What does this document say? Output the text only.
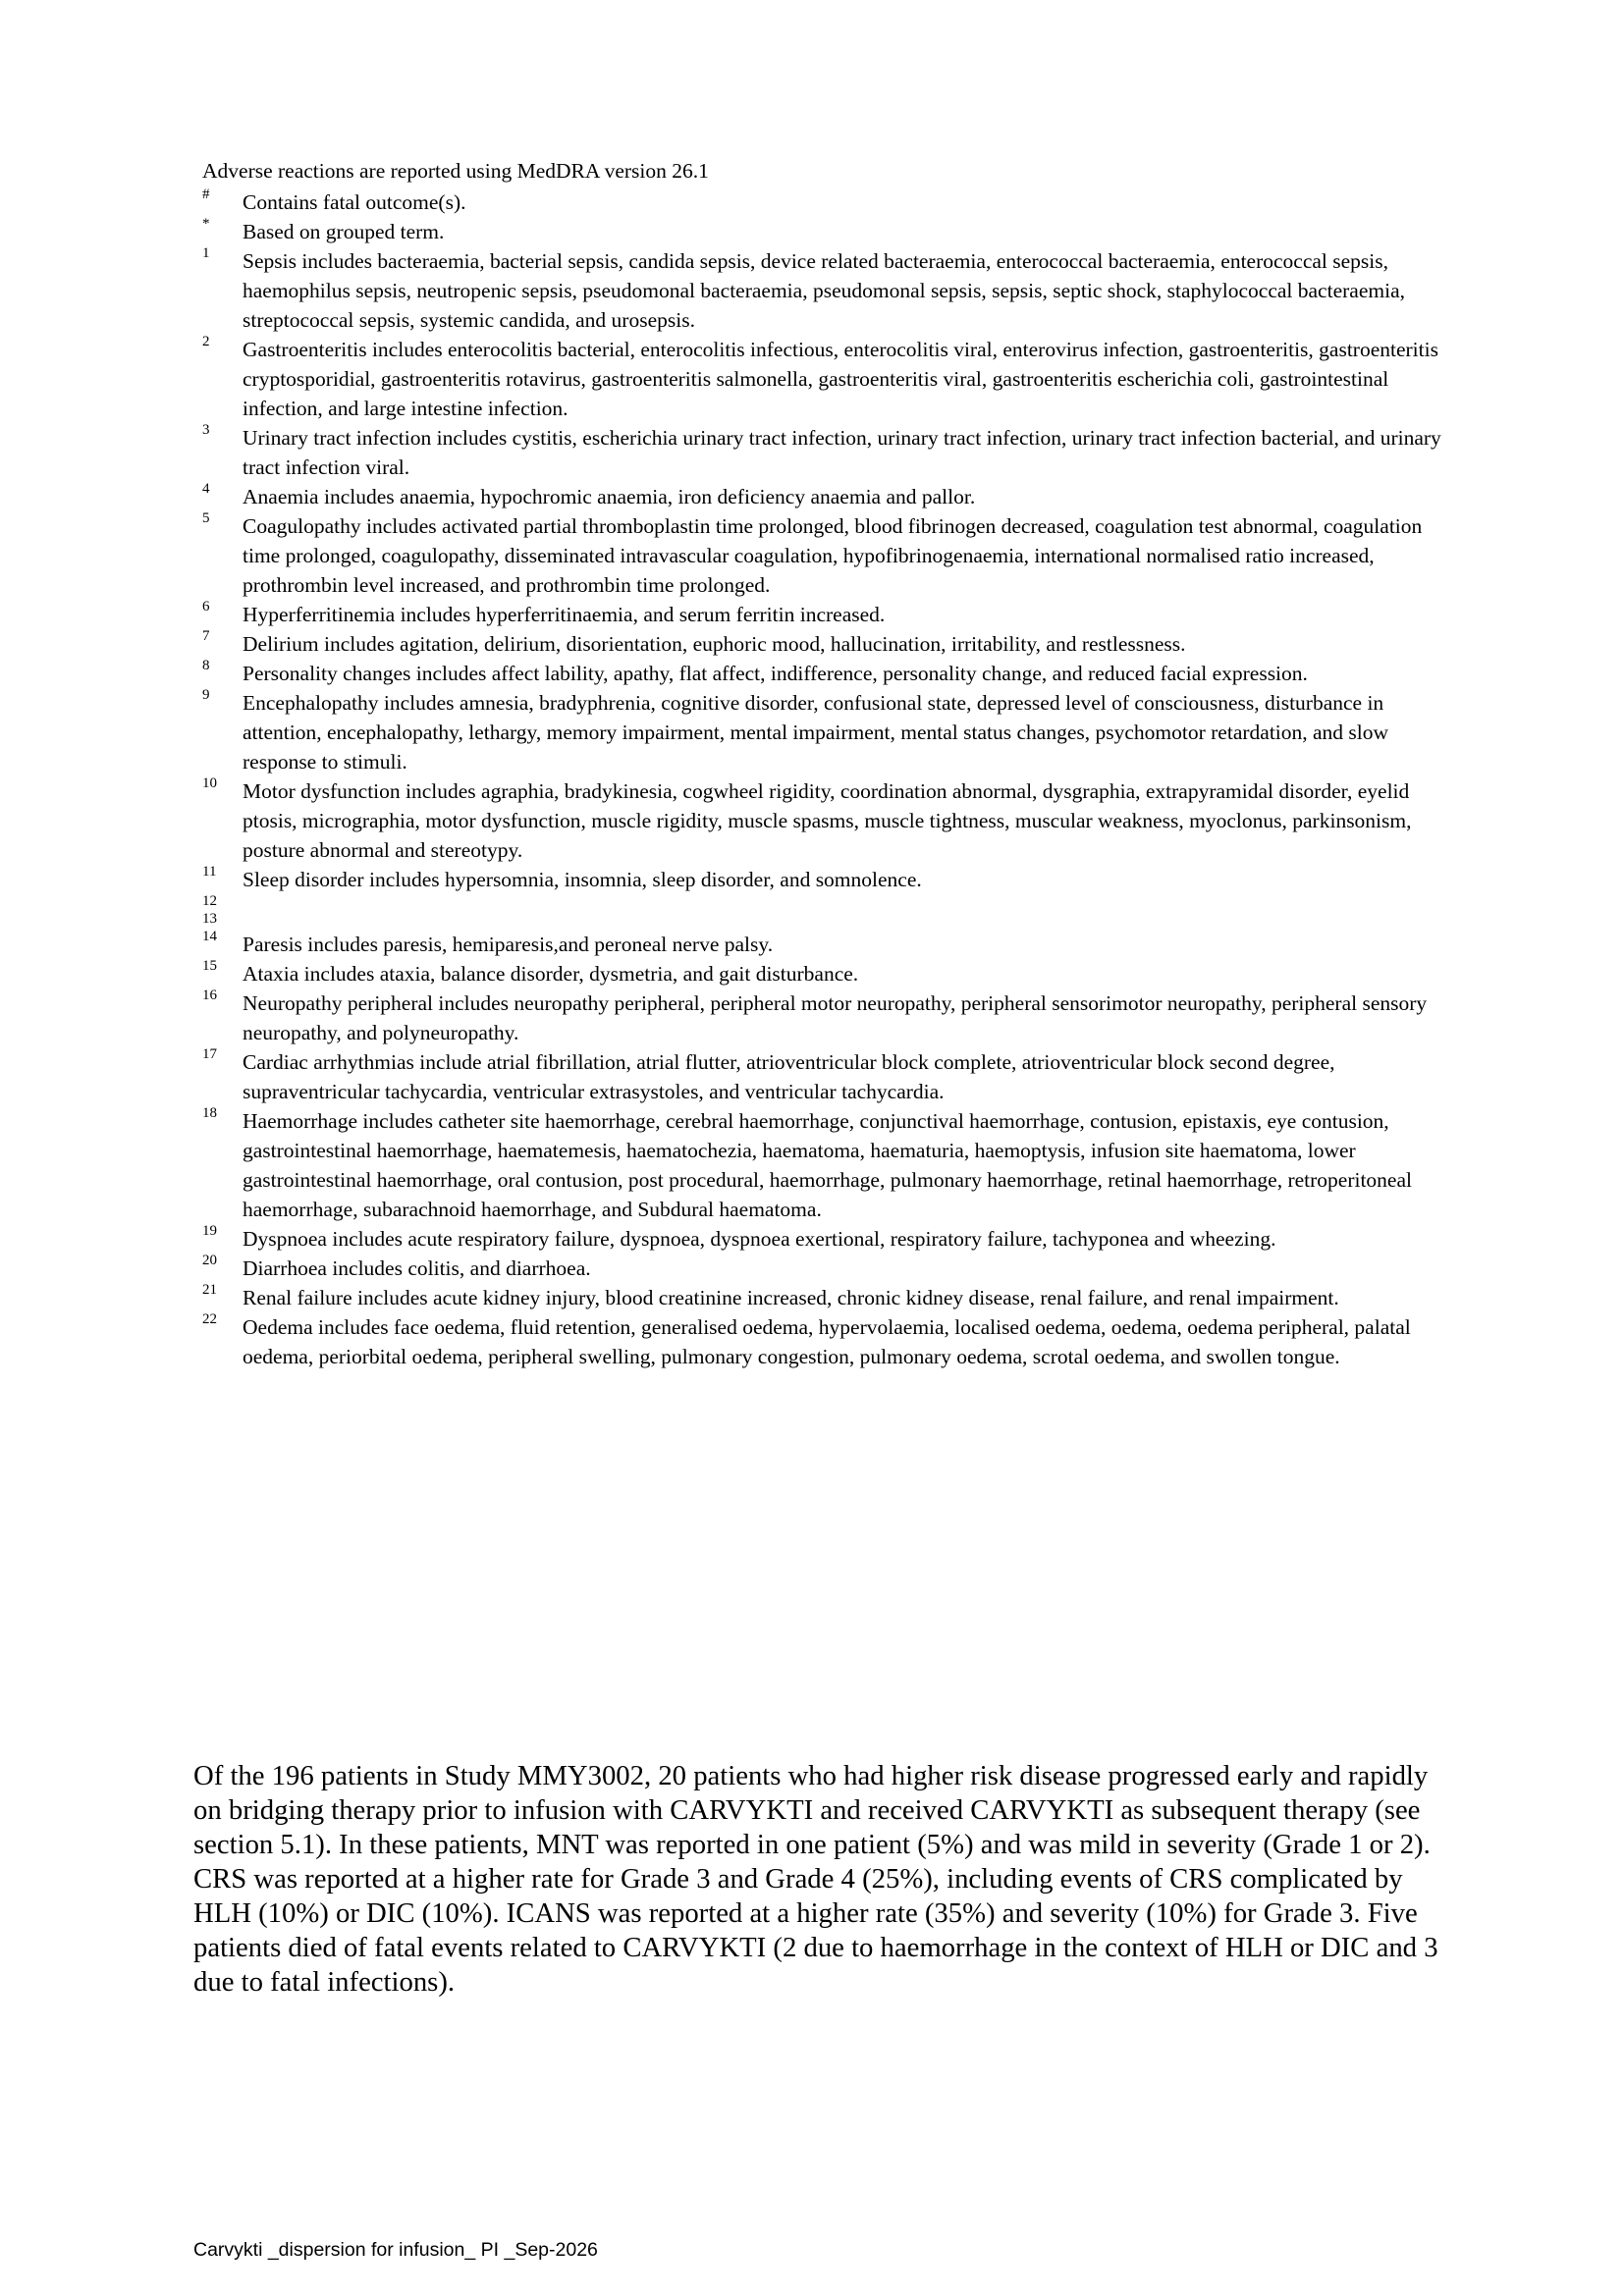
Adverse reactions are reported using MedDRA version 26.1
#	Contains fatal outcome(s).
*	Based on grouped term.
1	Sepsis includes bacteraemia, bacterial sepsis, candida sepsis, device related bacteraemia, enterococcal bacteraemia, enterococcal sepsis, haemophilus sepsis, neutropenic sepsis, pseudomonal bacteraemia, pseudomonal sepsis, sepsis, septic shock, staphylococcal bacteraemia, streptococcal sepsis, systemic candida, and urosepsis.
2	Gastroenteritis includes enterocolitis bacterial, enterocolitis infectious, enterocolitis viral, enterovirus infection, gastroenteritis, gastroenteritis cryptosporidial, gastroenteritis rotavirus, gastroenteritis salmonella, gastroenteritis viral, gastroenteritis escherichia coli, gastrointestinal infection, and large intestine infection.
3	Urinary tract infection includes cystitis, escherichia urinary tract infection, urinary tract infection, urinary tract infection bacterial, and urinary tract infection viral.
4	Anaemia includes anaemia, hypochromic anaemia, iron deficiency anaemia and pallor.
5	Coagulopathy includes activated partial thromboplastin time prolonged, blood fibrinogen decreased, coagulation test abnormal, coagulation time prolonged, coagulopathy, disseminated intravascular coagulation, hypofibrinogenaemia, international normalised ratio increased, prothrombin level increased, and prothrombin time prolonged.
6	Hyperferritinemia includes hyperferritinaemia, and serum ferritin increased.
7	Delirium includes agitation, delirium, disorientation, euphoric mood, hallucination, irritability, and restlessness.
8	Personality changes includes affect lability, apathy, flat affect, indifference, personality change, and reduced facial expression.
9	Encephalopathy includes amnesia, bradyphrenia, cognitive disorder, confusional state, depressed level of consciousness, disturbance in attention, encephalopathy, lethargy, memory impairment, mental impairment, mental status changes, psychomotor retardation, and slow response to stimuli.
10	Motor dysfunction includes agraphia, bradykinesia, cogwheel rigidity, coordination abnormal, dysgraphia, extrapyramidal disorder, eyelid ptosis, micrographia, motor dysfunction, muscle rigidity, muscle spasms, muscle tightness, muscular weakness, myoclonus, parkinsonism, posture abnormal and stereotypy.
11	Sleep disorder includes hypersomnia, insomnia, sleep disorder, and somnolence.
12
13
14	Paresis includes paresis, hemiparesis,and peroneal nerve palsy.
15	Ataxia includes ataxia, balance disorder, dysmetria, and gait disturbance.
16	Neuropathy peripheral includes neuropathy peripheral, peripheral motor neuropathy, peripheral sensorimotor neuropathy, peripheral sensory neuropathy, and polyneuropathy.
17	Cardiac arrhythmias include atrial fibrillation, atrial flutter, atrioventricular block complete, atrioventricular block second degree, supraventricular tachycardia, ventricular extrasystoles, and ventricular tachycardia.
18	Haemorrhage includes catheter site haemorrhage, cerebral haemorrhage, conjunctival haemorrhage, contusion, epistaxis, eye contusion, gastrointestinal haemorrhage, haematemesis, haematochezia, haematoma, haematuria, haemoptysis, infusion site haematoma, lower gastrointestinal haemorrhage, oral contusion, post procedural, haemorrhage, pulmonary haemorrhage, retinal haemorrhage, retroperitoneal haemorrhage, subarachnoid haemorrhage, and Subdural haematoma.
19	Dyspnoea includes acute respiratory failure, dyspnoea, dyspnoea exertional, respiratory failure, tachyponea and wheezing.
20	Diarrhoea includes colitis, and diarrhoea.
21	Renal failure includes acute kidney injury, blood creatinine increased, chronic kidney disease, renal failure, and renal impairment.
22	Oedema includes face oedema, fluid retention, generalised oedema, hypervolaemia, localised oedema, oedema, oedema peripheral, palatal oedema, periorbital oedema, peripheral swelling, pulmonary congestion, pulmonary oedema, scrotal oedema, and swollen tongue.

Of the 196 patients in Study MMY3002, 20 patients who had higher risk disease progressed early and rapidly on bridging therapy prior to infusion with CARVYKTI and received CARVYKTI as subsequent therapy (see section 5.1). In these patients, MNT was reported in one patient (5%) and was mild in severity (Grade 1 or 2). CRS was reported at a higher rate for Grade 3 and Grade 4 (25%), including events of CRS complicated by HLH (10%) or DIC (10%). ICANS was reported at a higher rate (35%) and severity (10%) for Grade 3. Five patients died of fatal events related to CARVYKTI (2 due to haemorrhage in the context of HLH or DIC and 3 due to fatal infections).

Carvykti _dispersion for infusion_ PI _Sep-2026
